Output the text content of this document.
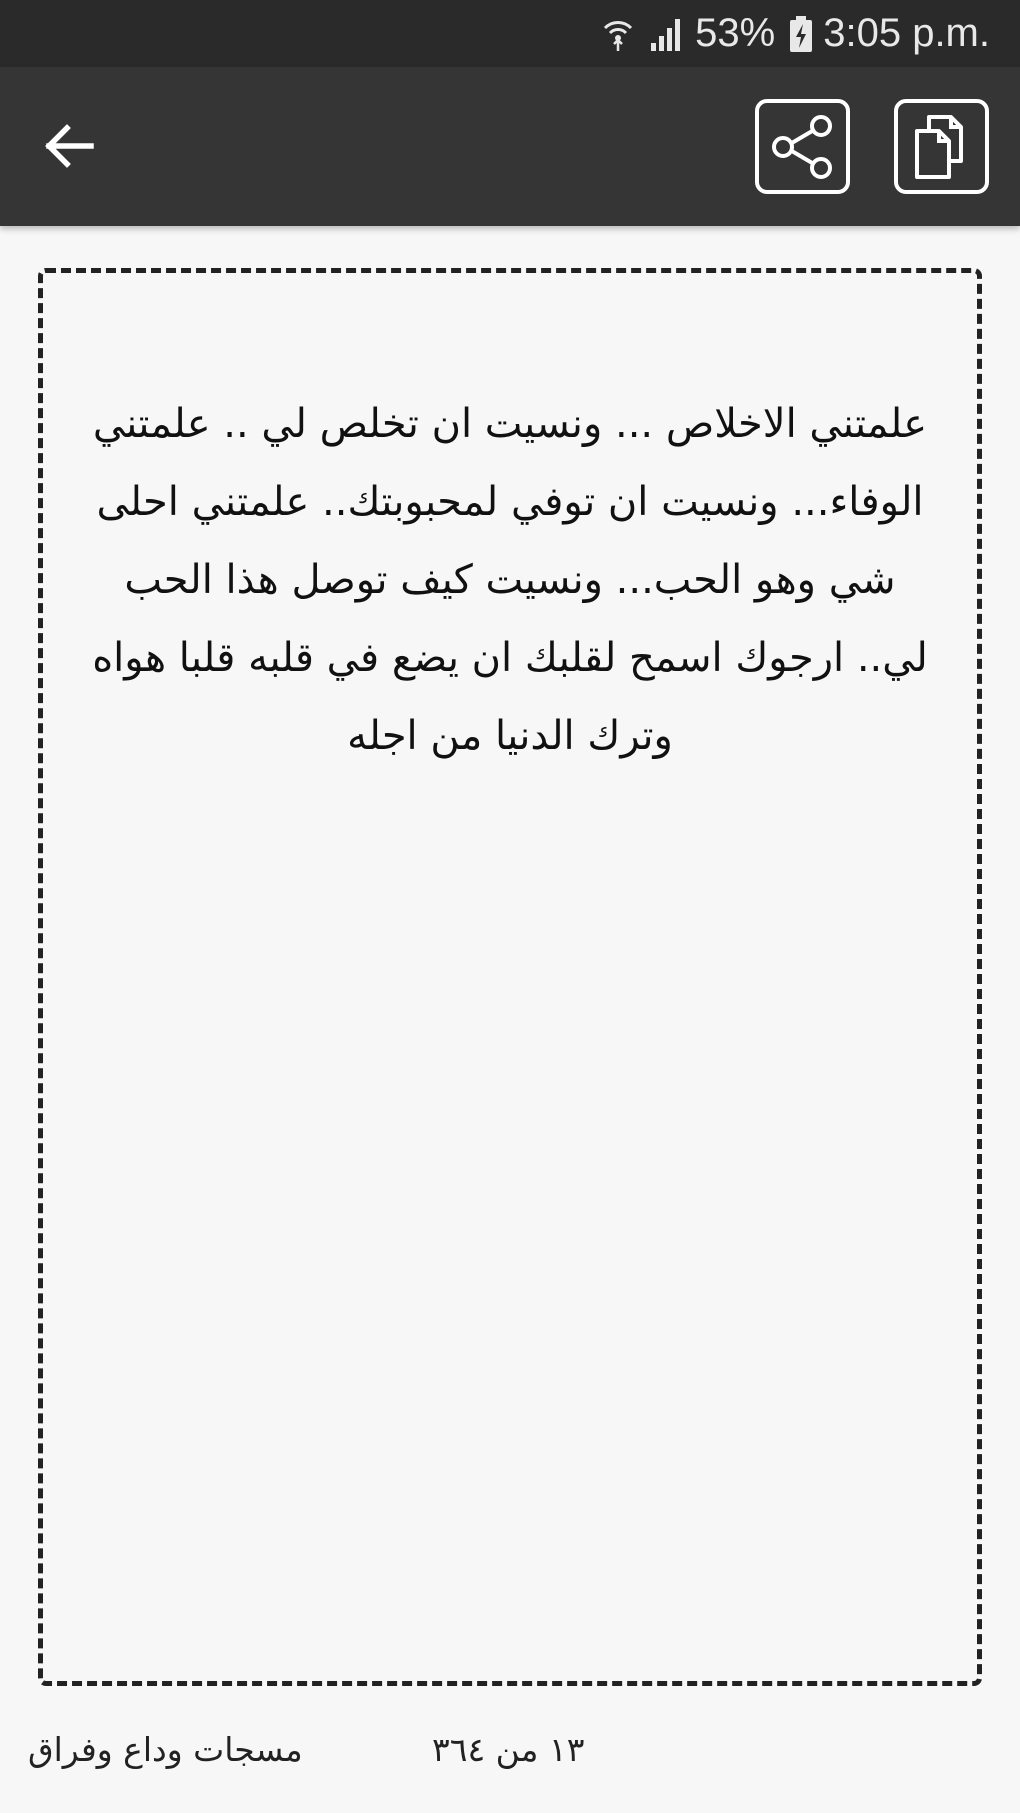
53% 3:05 p.m.

علمتني الاخلاص ... ونسيت ان تخلص لي .. علمتني الوفاء... ونسيت ان توفي لمحبوبتك.. علمتني احلى شي وهو الحب... ونسيت كيف توصل هذا الحب لي.. ارجوك اسمح لقلبك ان يضع في قلبه قلبا هواه وترك الدنيا من اجله

مسجات وداع وفراق	١٣ من ٣٦٤
